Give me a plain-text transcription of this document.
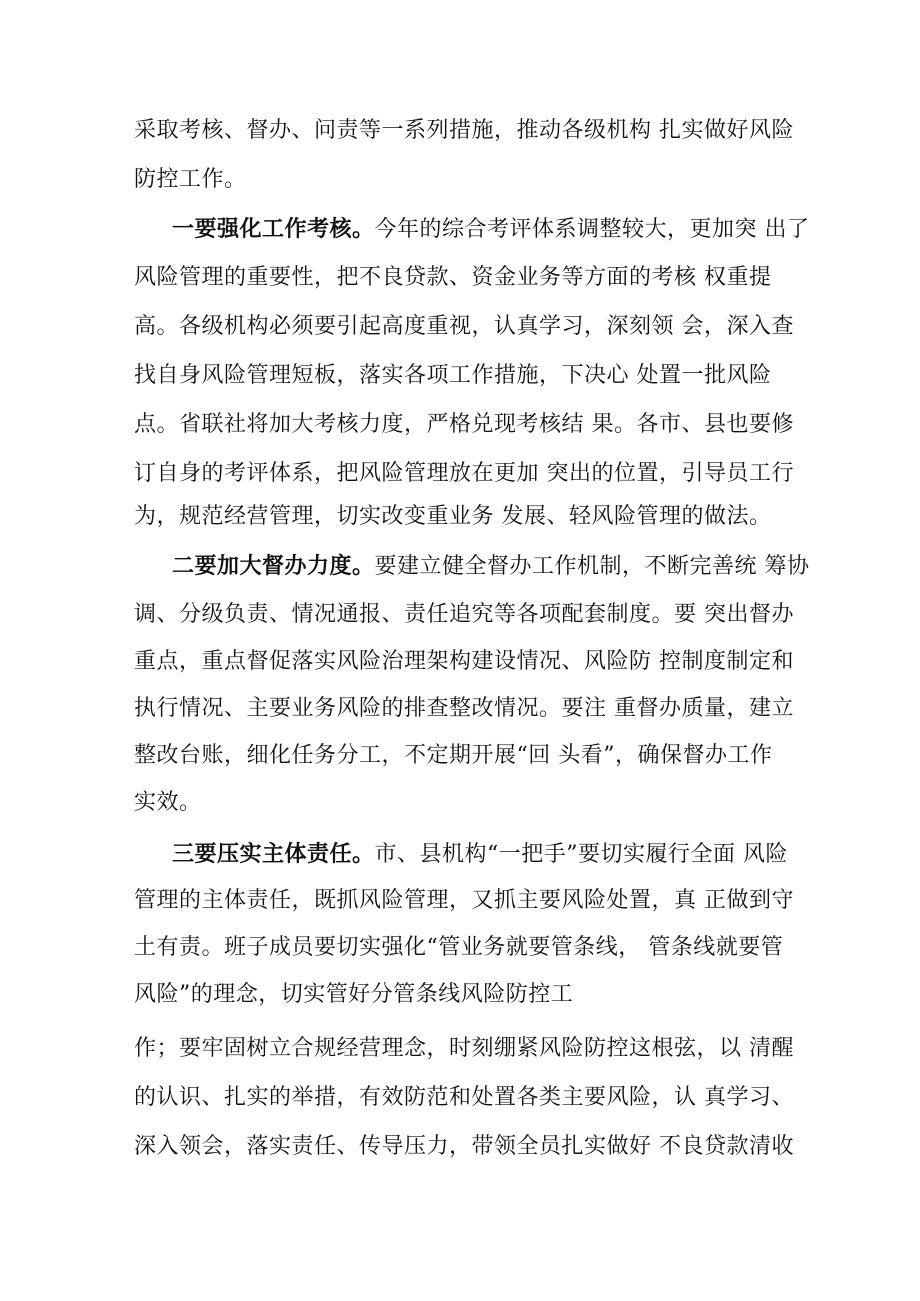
采取考核、督办、问责等一系列措施，推动各级机构 扎实做好风险
防控工作。
一要强化工作考核。今年的综合考评体系调整较大，更加突 出了
风险管理的重要性，把不良贷款、资金业务等方面的考核 权重提
高。各级机构必须要引起高度重视，认真学习，深刻领 会，深入查
找自身风险管理短板，落实各项工作措施，下决心 处置一批风险
点。省联社将加大考核力度，严格兑现考核结 果。各市、县也要修
订自身的考评体系，把风险管理放在更加 突出的位置，引导员工行
为，规范经营管理，切实改变重业务 发展、轻风险管理的做法。
二要加大督办力度。要建立健全督办工作机制，不断完善统 筹协
调、分级负责、情况通报、责任追究等各项配套制度。要 突出督办
重点，重点督促落实风险治理架构建设情况、风险防 控制度制定和
执行情况、主要业务风险的排查整改情况。要注 重督办质量，建立
整改台账，细化任务分工，不定期开展“回 头看”，确保督办工作
实效。
三要压实主体责任。市、县机构“一把手”要切实履行全面 风险
管理的主体责任，既抓风险管理，又抓主要风险处置，真 正做到守
土有责。班子成员要切实强化“管业务就要管条线， 管条线就要管
风险”的理念，切实管好分管条线风险防控工
作；要牢固树立合规经营理念，时刻绷紧风险防控这根弦，以 清醒
的认识、扎实的举措，有效防范和处置各类主要风险，认 真学习、
深入领会，落实责任、传导压力，带领全员扎实做好 不良贷款清收
